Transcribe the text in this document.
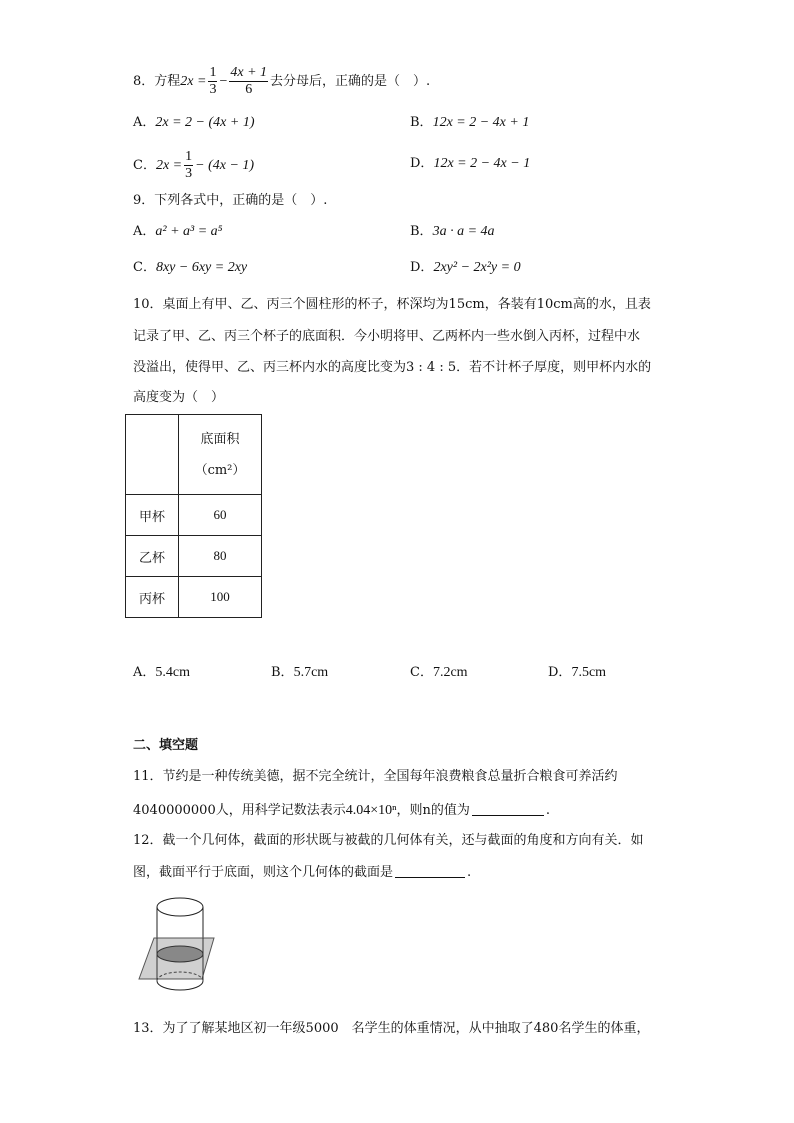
8．方程$2x = \frac{1}{3} - \frac{4x + 1}{6}$ 去分母后，正确的是（　）.
A．2x = 2 − (4x + 1)	B．12x = 2 − 4x + 1
C．$2x = \frac{1}{3} - (4x - 1)$	D．12x = 2 − 4x − 1
9．下列各式中，正确的是（　）.
A．a² + a³ = a⁵	B．3a · a = 4a
C．8xy − 6xy = 2xy	D．2xy² − 2x²y = 0
10．桌面上有甲、乙、丙三个圆柱形的杯子，杯深均为15cm，各装有10cm高的水，且表
记录了甲、乙、丙三个杯子的底面积．今小明将甲、乙两杯内一些水倒入丙杯，过程中水
没溢出，使得甲、乙、丙三杯内水的高度比变为3 : 4 : 5．若不计杯子厚度，则甲杯内水的
高度变为（　）

	底面积
（cm²）

甲杯	60
乙杯	80
丙杯	100
A．5.4cm	B．5.7cm	C．7.2cm	D．7.5cm
二、填空题
11．节约是一种传统美德，据不完全统计，全国每年浪费粮食总量折合粮食可养活约
4040000000人，用科学记数法表示4.04×10ⁿ，则n的值为	.
12．截一个几何体，截面的形状既与被截的几何体有关，还与截面的角度和方向有关．如
图，截面平行于底面，则这个几何体的截面是	.
13．为了了解某地区初一年级5000　名学生的体重情况，从中抽取了480名学生的体重，
